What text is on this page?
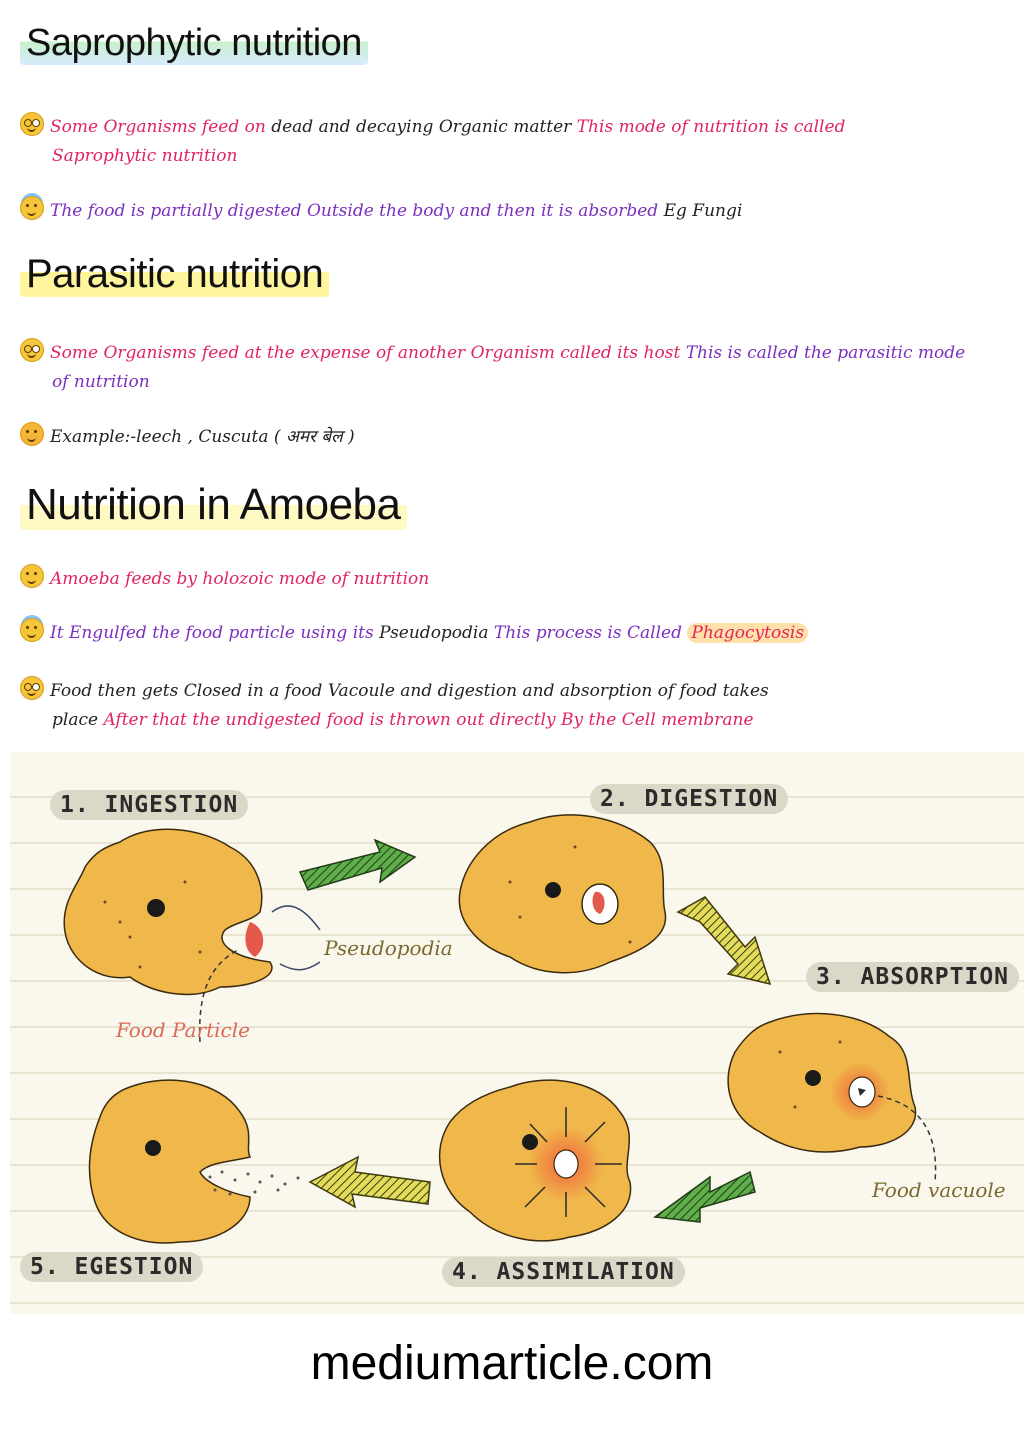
Saprophytic nutrition
Some Organisms feed on dead and decaying Organic matter This mode of nutrition is called
Saprophytic nutrition
The food is partially digested Outside the body and then it is absorbed Eg Fungi
Parasitic nutrition
Some Organisms feed at the expense of another Organism called its host This is called the parasitic mode
of nutrition
Example:-leech , Cuscuta ( अमर बेल )
Nutrition in Amoeba
Amoeba feeds by holozoic mode of nutrition
It Engulfed the food particle using its Pseudopodia This process is Called Phagocytosis
Food then gets Closed in a food Vacoule and digestion and absorption of food takes
place After that the undigested food is thrown out directly By the Cell membrane
1. INGESTION	2. DIGESTION
3. ABSORPTION
4. ASSIMILATION
5. EGESTION
Pseudopodia
Food Particle
Food vacuole
mediumarticle.com
